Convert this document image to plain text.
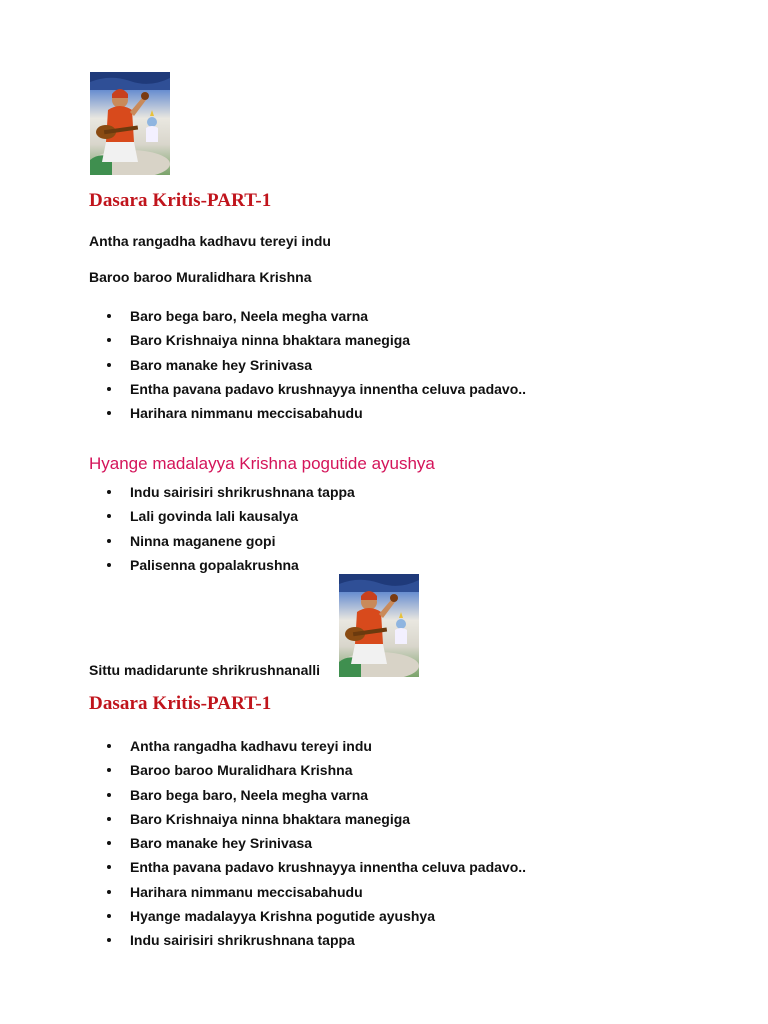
Dasara Kritis-PART-1

Antha rangadha kadhavu tereyi indu

Baroo baroo Muralidhara Krishna

Baro bega baro, Neela megha varna
Baro Krishnaiya ninna bhaktara manegiga
Baro manake hey Srinivasa
Entha pavana padavo krushnayya innentha celuva padavo..
Harihara nimmanu meccisabahudu
Hyange madalayya Krishna pogutide ayushya
Indu sairisiri shrikrushnana tappa
Lali govinda lali kausalya
Ninna maganene gopi
Palisenna gopalakrushna

Sittu madidarunte shrikrushnanalli

Dasara Kritis-PART-1
Antha rangadha kadhavu tereyi indu
Baroo baroo Muralidhara Krishna
Baro bega baro, Neela megha varna
Baro Krishnaiya ninna bhaktara manegiga
Baro manake hey Srinivasa
Entha pavana padavo krushnayya innentha celuva padavo..
Harihara nimmanu meccisabahudu
Hyange madalayya Krishna pogutide ayushya
Indu sairisiri shrikrushnana tappa
